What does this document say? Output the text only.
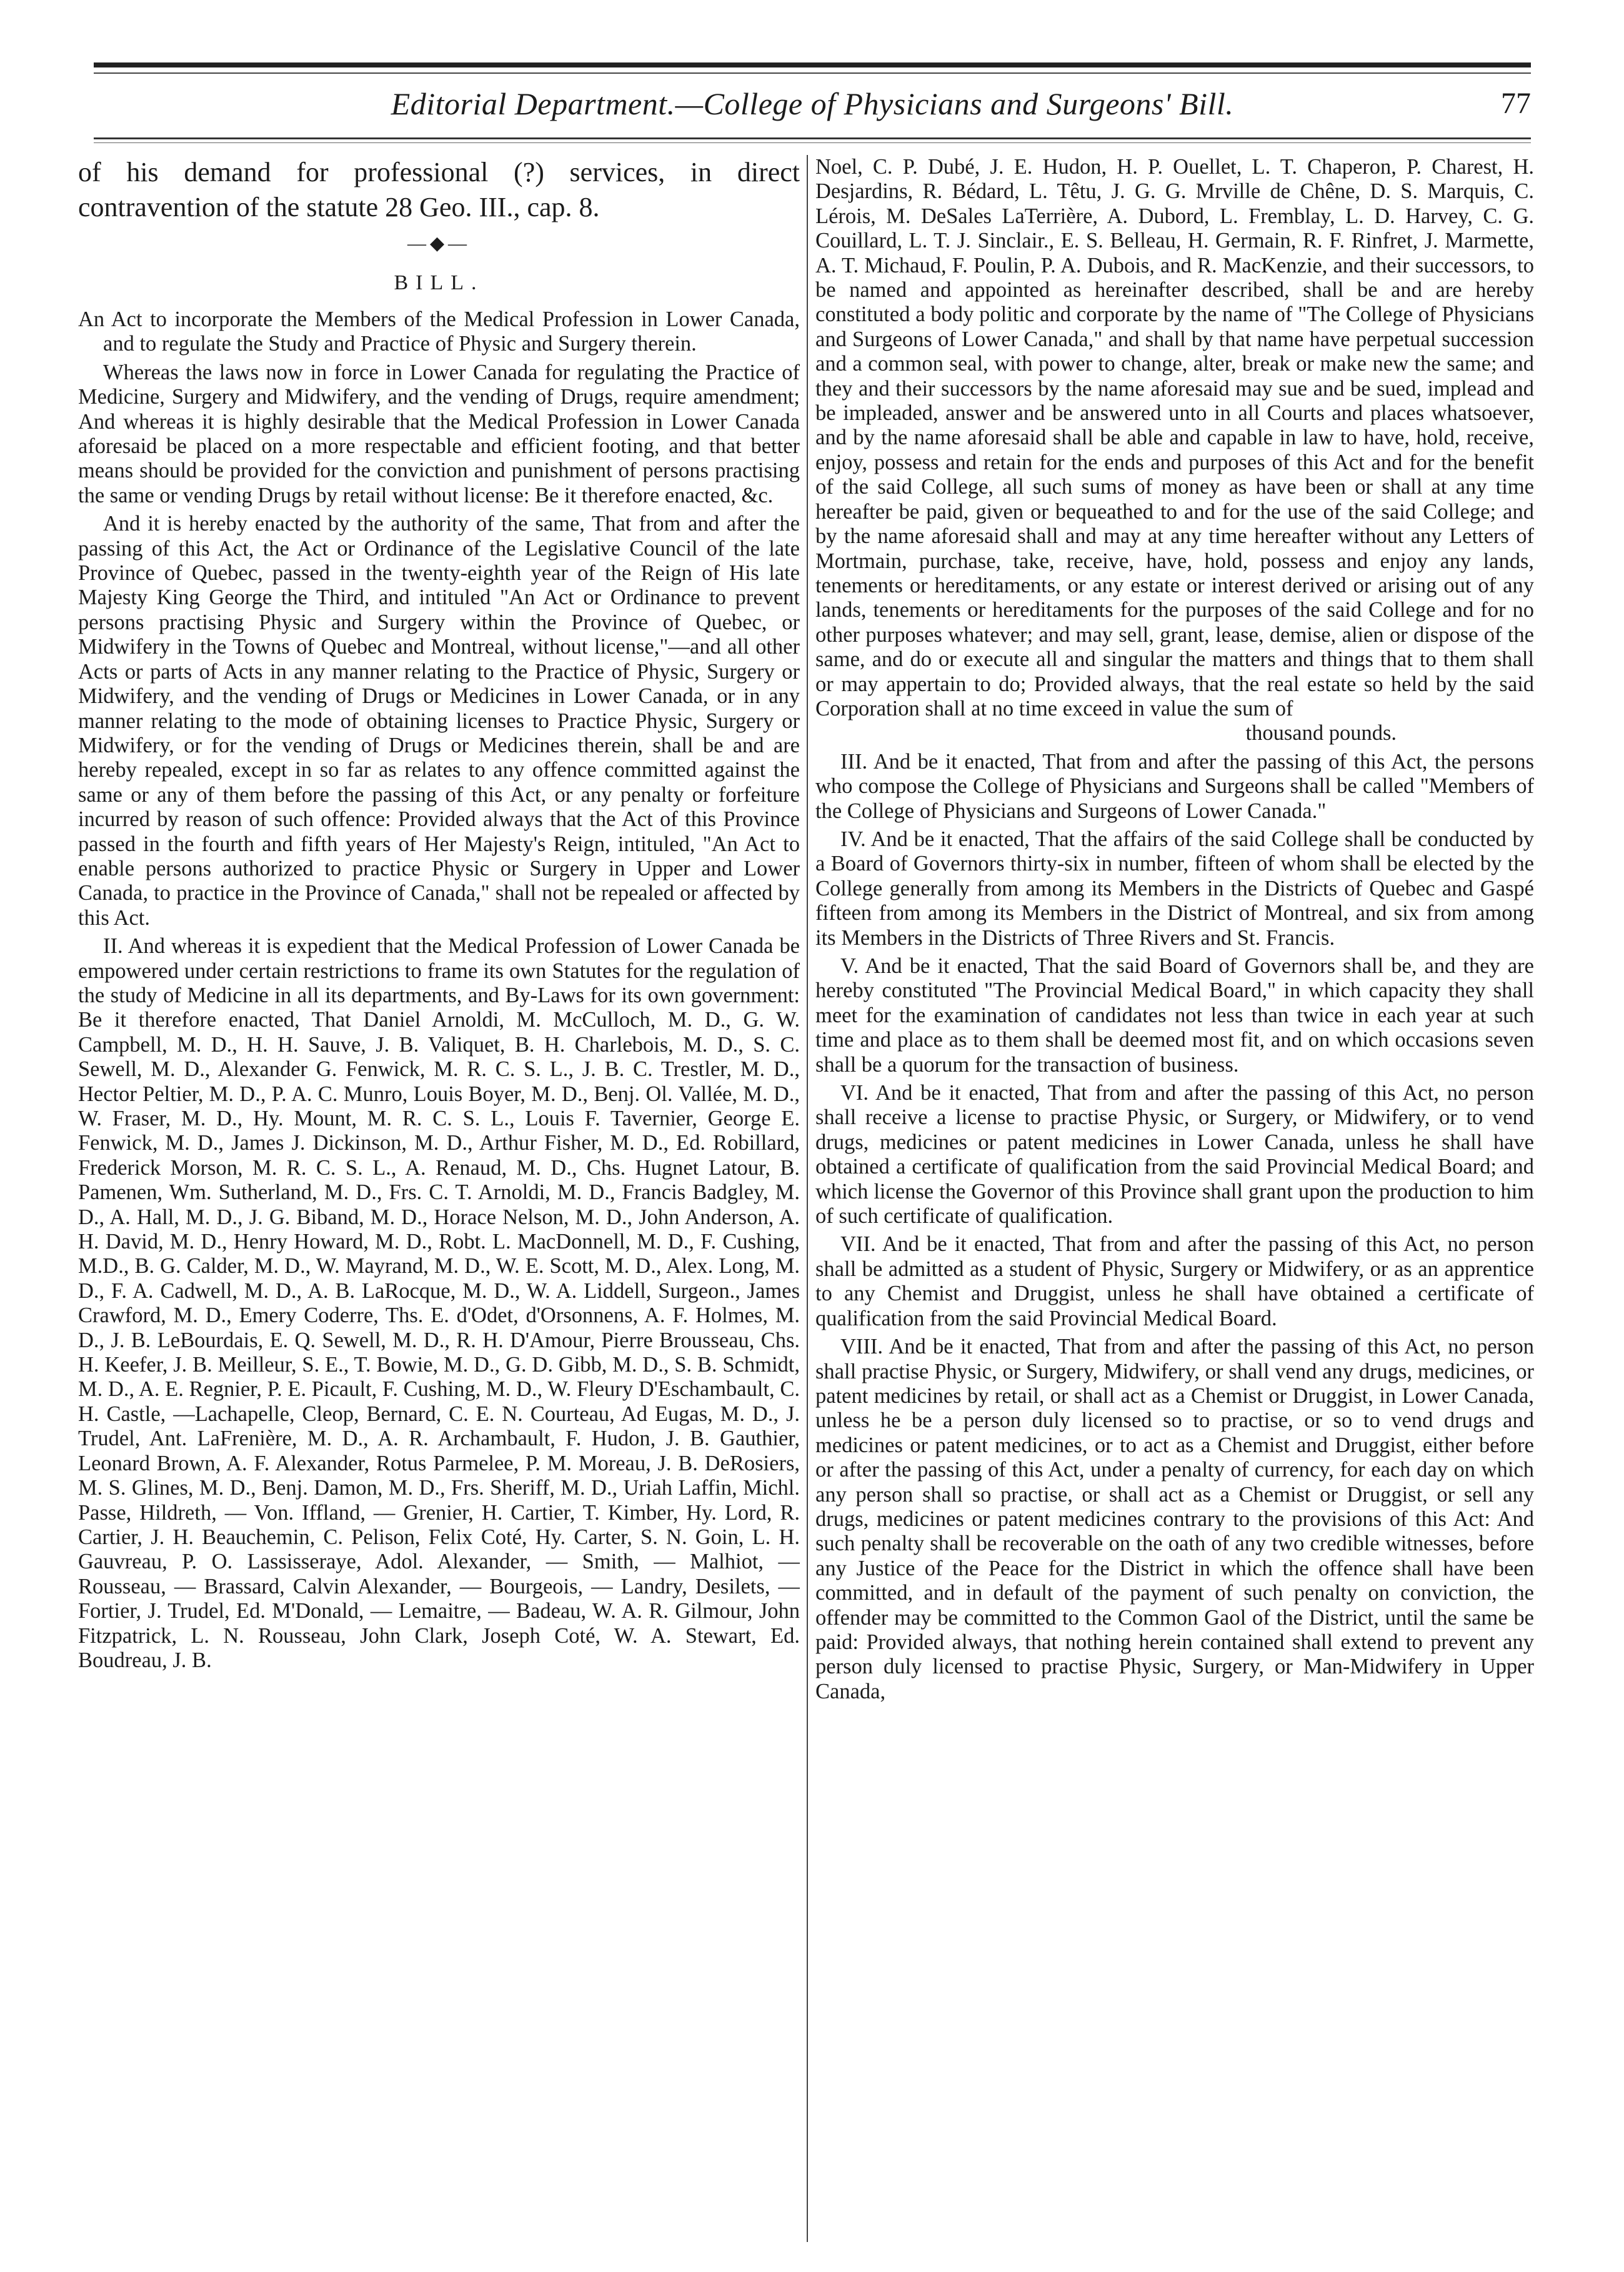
Editorial Department.—College of Physicians and Surgeons' Bill.	77

of his demand for professional (?) services, in direct contravention of the statute 28 Geo. III., cap. 8.

—◆—
BILL.

An Act to incorporate the Members of the Medical Profession in Lower Canada, and to regulate the Study and Practice of Physic and Surgery therein.

Whereas the laws now in force in Lower Canada for regulating the Practice of Medicine, Surgery and Midwifery, and the vending of Drugs, require amendment; And whereas it is highly desirable that the Medical Profession in Lower Canada aforesaid be placed on a more respectable and efficient footing, and that better means should be provided for the conviction and punishment of persons practising the same or vending Drugs by retail without license: Be it therefore enacted, &c.

And it is hereby enacted by the authority of the same, That from and after the passing of this Act, the Act or Ordinance of the Legislative Council of the late Province of Quebec, passed in the twenty-eighth year of the Reign of His late Majesty King George the Third, and intituled "An Act or Ordinance to prevent persons practising Physic and Surgery within the Province of Quebec, or Midwifery in the Towns of Quebec and Montreal, without license,"—and all other Acts or parts of Acts in any manner relating to the Practice of Physic, Surgery or Midwifery, and the vending of Drugs or Medicines in Lower Canada, or in any manner relating to the mode of obtaining licenses to Practice Physic, Surgery or Midwifery, or for the vending of Drugs or Medicines therein, shall be and are hereby repealed, except in so far as relates to any offence committed against the same or any of them before the passing of this Act, or any penalty or forfeiture incurred by reason of such offence: Provided always that the Act of this Province passed in the fourth and fifth years of Her Majesty's Reign, intituled, "An Act to enable persons authorized to practice Physic or Surgery in Upper and Lower Canada, to practice in the Province of Canada," shall not be repealed or affected by this Act.

II. And whereas it is expedient that the Medical Profession of Lower Canada be empowered under certain restrictions to frame its own Statutes for the regulation of the study of Medicine in all its departments, and By-Laws for its own government: Be it therefore enacted, That Daniel Arnoldi, M. McCulloch, M. D., G. W. Campbell, M. D., H. H. Sauve, J. B. Valiquet, B. H. Charlebois, M. D., S. C. Sewell, M. D., Alexander G. Fenwick, M. R. C. S. L., J. B. C. Trestler, M. D., Hector Peltier, M. D., P. A. C. Munro, Louis Boyer, M. D., Benj. Ol. Vallée, M. D., W. Fraser, M. D., Hy. Mount, M. R. C. S. L., Louis F. Tavernier, George E. Fenwick, M. D., James J. Dickinson, M. D., Arthur Fisher, M. D., Ed. Robillard, Frederick Morson, M. R. C. S. L., A. Renaud, M. D., Chs. Hugnet Latour, B. Pamenen, Wm. Sutherland, M. D., Frs. C. T. Arnoldi, M. D., Francis Badgley, M. D., A. Hall, M. D., J. G. Biband, M. D., Horace Nelson, M. D., John Anderson, A. H. David, M. D., Henry Howard, M. D., Robt. L. MacDonnell, M. D., F. Cushing, M.D., B. G. Calder, M. D., W. Mayrand, M. D., W. E. Scott, M. D., Alex. Long, M. D., F. A. Cadwell, M. D., A. B. LaRocque, M. D., W. A. Liddell, Surgeon., James Crawford, M. D., Emery Coderre, Ths. E. d'Odet, d'Orsonnens, A. F. Holmes, M. D., J. B. LeBourdais, E. Q. Sewell, M. D., R. H. D'Amour, Pierre Brousseau, Chs. H. Keefer, J. B. Meilleur, S. E., T. Bowie, M. D., G. D. Gibb, M. D., S. B. Schmidt, M. D., A. E. Regnier, P. E. Picault, F. Cushing, M. D., W. Fleury D'Eschambault, C. H. Castle, —Lachapelle, Cleop, Bernard, C. E. N. Courteau, Ad Eugas, M. D., J. Trudel, Ant. LaFrenière, M. D., A. R. Archambault, F. Hudon, J. B. Gauthier, Leonard Brown, A. F. Alexander, Rotus Parmelee, P. M. Moreau, J. B. DeRosiers, M. S. Glines, M. D., Benj. Damon, M. D., Frs. Sheriff, M. D., Uriah Laffin, Michl. Passe, Hildreth, — Von. Iffland, — Grenier, H. Cartier, T. Kimber, Hy. Lord, R. Cartier, J. H. Beauchemin, C. Pelison, Felix Coté, Hy. Carter, S. N. Goin, L. H. Gauvreau, P. O. Lassisseraye, Adol. Alexander, — Smith, — Malhiot, — Rousseau, — Brassard, Calvin Alexander, — Bourgeois, — Landry, Desilets, — Fortier, J. Trudel, Ed. M'Donald, — Lemaitre, — Badeau, W. A. R. Gilmour, John Fitzpatrick, L. N. Rousseau, John Clark, Joseph Coté, W. A. Stewart, Ed. Boudreau, J. B.

Noel, C. P. Dubé, J. E. Hudon, H. P. Ouellet, L. T. Chaperon, P. Charest, H. Desjardins, R. Bédard, L. Têtu, J. G. G. Mrville de Chêne, D. S. Marquis, C. Lérois, M. DeSales LaTerrière, A. Dubord, L. Fremblay, L. D. Harvey, C. G. Couillard, L. T. J. Sinclair., E. S. Belleau, H. Germain, R. F. Rinfret, J. Marmette, A. T. Michaud, F. Poulin, P. A. Dubois, and R. MacKenzie, and their successors, to be named and appointed as hereinafter described, shall be and are hereby constituted a body politic and corporate by the name of "The College of Physicians and Surgeons of Lower Canada," and shall by that name have perpetual succession and a common seal, with power to change, alter, break or make new the same; and they and their successors by the name aforesaid may sue and be sued, implead and be impleaded, answer and be answered unto in all Courts and places whatsoever, and by the name aforesaid shall be able and capable in law to have, hold, receive, enjoy, possess and retain for the ends and purposes of this Act and for the benefit of the said College, all such sums of money as have been or shall at any time hereafter be paid, given or bequeathed to and for the use of the said College; and by the name aforesaid shall and may at any time hereafter without any Letters of Mortmain, purchase, take, receive, have, hold, possess and enjoy any lands, tenements or hereditaments, or any estate or interest derived or arising out of any lands, tenements or hereditaments for the purposes of the said College and for no other purposes whatever; and may sell, grant, lease, demise, alien or dispose of the same, and do or execute all and singular the matters and things that to them shall or may appertain to do; Provided always, that the real estate so held by the said Corporation shall at no time exceed in value the sum of

thousand pounds.

III. And be it enacted, That from and after the passing of this Act, the persons who compose the College of Physicians and Surgeons shall be called "Members of the College of Physicians and Surgeons of Lower Canada."

IV. And be it enacted, That the affairs of the said College shall be conducted by a Board of Governors thirty-six in number, fifteen of whom shall be elected by the College generally from among its Members in the Districts of Quebec and Gaspé fifteen from among its Members in the District of Montreal, and six from among its Members in the Districts of Three Rivers and St. Francis.

V. And be it enacted, That the said Board of Governors shall be, and they are hereby constituted "The Provincial Medical Board," in which capacity they shall meet for the examination of candidates not less than twice in each year at such time and place as to them shall be deemed most fit, and on which occasions seven shall be a quorum for the transaction of business.

VI. And be it enacted, That from and after the passing of this Act, no person shall receive a license to practise Physic, or Surgery, or Midwifery, or to vend drugs, medicines or patent medicines in Lower Canada, unless he shall have obtained a certificate of qualification from the said Provincial Medical Board; and which license the Governor of this Province shall grant upon the production to him of such certificate of qualification.

VII. And be it enacted, That from and after the passing of this Act, no person shall be admitted as a student of Physic, Surgery or Midwifery, or as an apprentice to any Chemist and Druggist, unless he shall have obtained a certificate of qualification from the said Provincial Medical Board.

VIII. And be it enacted, That from and after the passing of this Act, no person shall practise Physic, or Surgery, Midwifery, or shall vend any drugs, medicines, or patent medicines by retail, or shall act as a Chemist or Druggist, in Lower Canada, unless he be a person duly licensed so to practise, or so to vend drugs and medicines or patent medicines, or to act as a Chemist and Druggist, either before or after the passing of this Act, under a penalty of currency, for each day on which any person shall so practise, or shall act as a Chemist or Druggist, or sell any drugs, medicines or patent medicines contrary to the provisions of this Act: And such penalty shall be recoverable on the oath of any two credible witnesses, before any Justice of the Peace for the District in which the offence shall have been committed, and in default of the payment of such penalty on conviction, the offender may be committed to the Common Gaol of the District, until the same be paid: Provided always, that nothing herein contained shall extend to prevent any person duly licensed to practise Physic, Surgery, or Man-Midwifery in Upper Canada,
